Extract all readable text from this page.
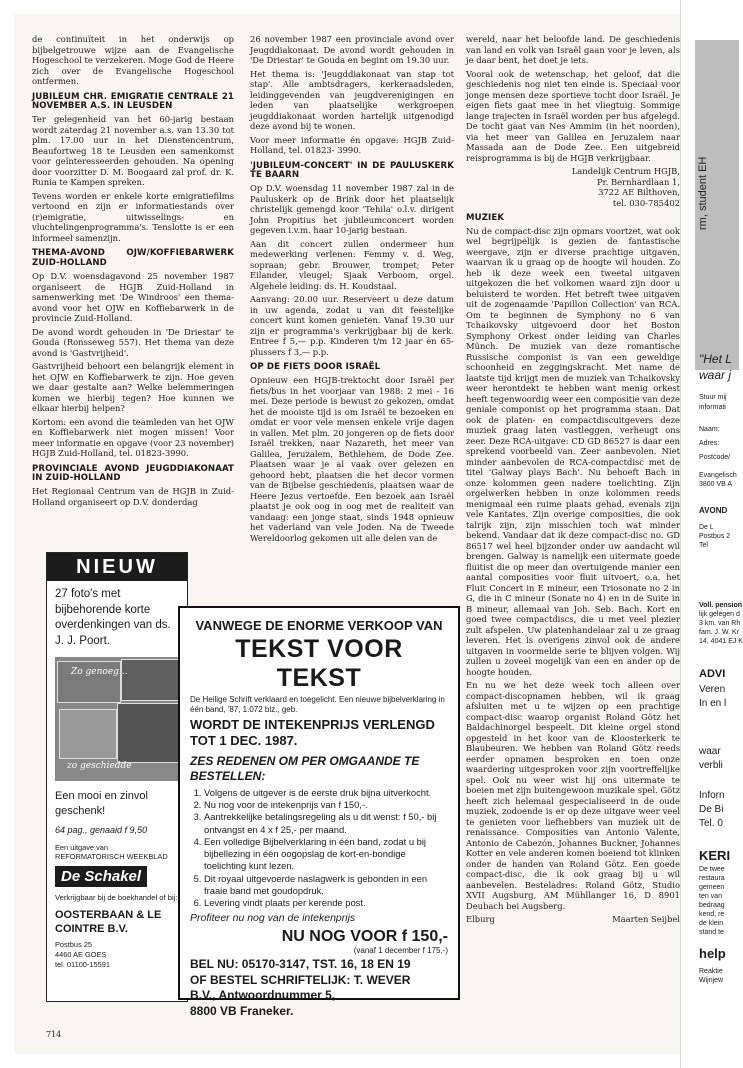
de continuïteit in het onderwijs op bijbelgetrouwe wijze aan de Evangelische Hogeschool te verzekeren. Moge God de Heere zich over de Evangelische Hogeschool ontfermen.

JUBILEUM CHR. EMIGRATIE CENTRALE 21 NOVEMBER A.S. IN LEUSDEN

Ter gelegenheid van het 60-jarig bestaan wordt zaterdag 21 november a.s. van 13.30 tot plm. 17.00 uur in het Dienstencentrum, Beaufortweg 18 te Leusden een samenkomst voor geïnteresseerden gehouden. Na opening door voorzitter D. M. Boogaard zal prof. dr. K. Runia te Kampen spreken.

Tevens worden er enkele korte emigratiefilms vertoond en zijn er informatiestands over (r)emigratie, uitwisselings- en vluchtelingenprogramma's. Tenslotte is er een informeel samenzijn.

THEMA-AVOND OJW/KOFFIEBARWERK ZUID-HOLLAND

Op D.V. woensdagavond 25 november 1987 organiseert de HGJB Zuid-Holland in samenwerking met 'De Windroos' een thema-avond voor het OJW en Koffiebarwerk in de provincie Zuid-Holland.

De avond wordt gehouden in 'De Driestar' te Gouda (Ronsseweg 557). Het thema van deze avond is 'Gastvrijheid'.

Gastvrijheid behoort een belangrijk element in het OJW en Koffiebarwerk te zijn. Hoe geven we daar gestalte aan? Welke belemmeringen komen we hierbij tegen? Hoe kunnen we elkaar hierbij helpen?

Kortom: een avond die teamleden van het OJW en Koffiebarwerk niet mogen missen! Voor meer informatie en opgave (voor 23 november) HGJB Zuid-Holland, tel. 01823-3990.

PROVINCIALE AVOND JEUGDDIAKONAAT IN ZUID-HOLLAND

Het Regionaal Centrum van de HGJB in Zuid-Holland organiseert op D.V. donderdag

26 november 1987 een provinciale avond over Jeugddiakonaat. De avond wordt gehouden in 'De Driestar' te Gouda en begint om 19.30 uur.

Het thema is: 'Jeugddiakonaat van stap tot stap'. Alle ambtsdragers, kerkeraadsleden, leidinggevenden van jeugdverenigingen en leden van plaatselijke werkgroepen jeugddiakonaat worden hartelijk uitgenodigd deze avond bij te wonen.

Voor meer informatie én opgave: HGJB Zuid-Holland, tel. 01823- 3990.

'JUBILEUM-CONCERT' IN DE PAULUSKERK TE BAARN

Op D.V. woensdag 11 november 1987 zal in de Pauluskerk op de Brink door het plaatselijk christelijk gemengd koor 'Tehila' o.l.v. dirigent John Propitius het jubileumconcert worden gegeven i.v.m. haar 10-jarig bestaan.

Aan dit concert zullen ondermeer hun medewerking verlenen: Femmy v. d. Weg, sopraan; gebr. Brouwer, trompet; Peter Eilander, vleugel; Sjaak Verboom, orgel. Algehele leiding: ds. H. Koudstaal.

Aanvang: 20.00 uur. Reserveert u deze datum in uw agenda, zodat u van dit feestelijke concert kunt komen genieten. Vanaf 19.30 uur zijn er programma's verkrijgbaar bij de kerk. Entree f 5,— p.p. Kinderen t/m 12 jaar en 65-plussers f 3,— p.p.

OP DE FIETS DOOR ISRAËL

Opnieuw een HGJB-trektocht door Israël per fiets/bus in het voorjaar van 1988: 2 mei - 16 mei. Deze periode is bewust zo gekozen, omdat het de mooiste tijd is om Israël te bezoeken en omdat er voor vele mensen enkele vrije dagen in vallen. Met plm. 20 jongeren op de fiets door Israël trekken, naar Nazareth, het meer van Galilea, Jeruzalem, Bethlehem, de Dode Zee. Plaatsen waar je al vaak over gelezen en gehoord hebt, plaatsen die het decor vormen van de Bijbelse geschiedenis, plaatsen waar de Heere Jezus vertoefde. Een bezoek aan Israël plaatst je ook oog in oog met de realiteit van vandaag: een jonge staat, sinds 1948 opnieuw het vaderland van vele Joden. Na de Tweede Wereldoorlog gekomen uit alle delen van de

wereld, naar het beloofde land. De geschiedenis van land en volk van Israël gaan voor je leven, als je daar bent, het doet je iets.

Vooral ook de wetenschap, het geloof, dat die geschiedenis nog niet ten einde is. Speciaal voor jonge mensen deze sportieve tocht door Israël. Je eigen fiets gaat mee in het vliegtuig. Sommige lange trajecten in Israël worden per bus afgelegd. De tocht gaat van Nes Ammim (in het noorden), via het meer van Galilea en Jeruzalem naar Massada aan de Dode Zee. Een uitgebreid reisprogramma is bij de HGJB verkrijgbaar.

Landelijk Centrum HGJB,
Pr. Bernhardlaan 1,
3722 AE Bilthoven,
tel. 030-785402
MUZIEK

Nu de compact-disc zijn opmars voortzet, wat ook wel begrijpelijk is gezien de fantastische weergave, zijn er diverse prachtige uitgaven, waarvan ik u graag op de hoogte wil houden. Zo heb ik deze week een tweetal uitgaven uitgekozen die het volkomen waard zijn door u beluisterd te worden. Het betreft twee uitgaven uit de zogenaamde 'Papillon Collection' van RCA. Om te beginnen de Symphony no 6 van Tchaikovsky uitgevoerd door het Boston Symphony Orkest onder leiding van Charles Münch. De muziek van deze romantische Russische componist is van een geweldige schoonheid en zeggingskracht. Met name de laatste tijd krijgt men de muziek van Tchaikovsky weer herontdekt te hebben want menig orkest heeft tegenwoordig weer een compositie van deze geniale componist op het programma staan. Dat ook de platen- en compactdiscuitgevers deze muziek graag laten vastleggen, verheugt ons zeer. Deze RCA-uitgave: CD GD 86527 is daar een sprekend voorbeeld van. Zeer aanbevolen. Niet minder aanbevolen de RCA-compactdisc met de titel 'Galway plays Bach'. Nu behoeft Bach in onze kolommen geen nadere toelichting. Zijn orgelwerken hebben in onze kolommen reeds menigmaal een ruime plaats gehad, evenals zijn vele Kantates. Zijn overige composities, die ook talrijk zijn, zijn misschien toch wat minder bekend. Vandaar dat ik deze compact-disc no. GD 86517 wel heel bijzonder onder uw aandacht wil brengen. Galway is namelijk een uitermate goede fluitist die op meer dan overtuigende manier een aantal composities voor fluit uitvoert, o.a. het Fluit Concert in E mineur, een Triosonate no 2 in G, die in C mineur (Sonate no 4) en in de Suite in B mineur, allemaal van Joh. Seb. Bach. Kort en goed twee compactdiscs, die u met veel plezier zult afspelen. Uw platenhandelaar zal u ze graag leveren. Het is overigens zinvol ook de andere uitgaven in voormelde serie te blijven volgen. Wij zullen u zoveel mogelijk van een en ander op de hoogte houden.

En nu we het deze week toch alleen over compact-discopnamen hebben, wil ik graag afsluiten met u te wijzen op een prachtige compact-disc waarop organist Roland Götz het Baldachinorgel bespeelt. Dit kleine orgel stond opgesteld in het koor van de Kloosterkerk te Blaubeuren. We hebben van Roland Götz reeds eerder opnamen besproken en toen onze waardering uitgesproken voor zijn voortreffelijke spel. Ook nu weer wist hij ons uitermate te boeien met zijn buitengewoon muzikale spel. Götz heeft zich helemaal gespecialiseerd in de oude muziek, zodoende is er op deze uitgave weer veel te genieten voor liefhebbers van muziek uit de renaissance. Composities van Antonio Valente, Antonio de Cabezón, Johannes Buckner, Johannes Kotter en vele anderen komen boeiend tot klinken onder de handen van Roland Götz. Een goede compact-disc, die ik ook graag bij u wil aanbevelen. Besteladres: Roland Götz, Studio XVII Augsburg, AM Mühllanger 16, D 8901 Deubach bei Augsberg.

Elburg	Maarten Seijbel
NIEUW
27 foto's met bijbehorende korte overdenkingen van ds. J. J. Poort.
Zo genoeg...
zo geschiedde
Een mooi en zinvol geschenk!
64 pag., genaaid f 9,50
Een uitgave van REFORMATORISCH WEEKBLAD
De Schakel
Verkrijgbaar bij de boekhandel of bij:
OOSTERBAAN & LE COINTRE B.V.
Postbus 25
4460 AE GOES
tel. 01100-15591
VANWEGE DE ENORME VERKOOP VAN
TEKST VOOR TEKST
De Heilige Schrift verklaard en toegelicht. Een nieuwe bijbelverklaring in één band, '87, 1.072 blz., geb.
WORDT DE INTEKENPRIJS VERLENGD TOT 1 DEC. 1987.
ZES REDENEN OM PER OMGAANDE TE BESTELLEN:
1. Volgens de uitgever is de eerste druk bijna uitverkocht.
2. Nu nog voor de intekenprijs van f 150,-.
3. Aantrekkelijke betalingsregeling als u dit wenst: f 50,- bij ontvangst en 4 x f 25,- per maand.
4. Een volledige Bijbelverklaring in één band, zodat u bij bijbellezing in één oogopslag de kort-en-bondige toelichting kunt lezen.
5. Dit royaal uitgevoerde naslagwerk is gebonden in een fraaie band met goudopdruk.
6. Levering vindt plaats per kerende post.
Profiteer nu nog van de intekenprijs
NU NOG VOOR f 150,-
(vanaf 1 december f 175,-)
BEL NU: 05170-3147, TST. 16, 18 EN 19
OF BESTEL SCHRIFTELIJK: T. WEVER
B.V., Antwoordnummer 5,
8800 VB Franeker.
714
rm, student EH
"Het L
waar j
Stuur mij
informati
Naam:
Adres:
Postcode/
Evangelisch
3800 VB A
AVOND
De L
Postbus 2
Tel
Voll. pension
lijk gelegen d
3 km. van Rh
fam. J. W. Kr
14, 4041 EJ K
ADVI
Veren
In en l
waar
verbli
Inforn
De Bi
Tel. 0
KERI
De twee
restaura
gemeen
ten van
bedraag
kend, re
de klein
stand te
help
Reaktie
Wijnjew
